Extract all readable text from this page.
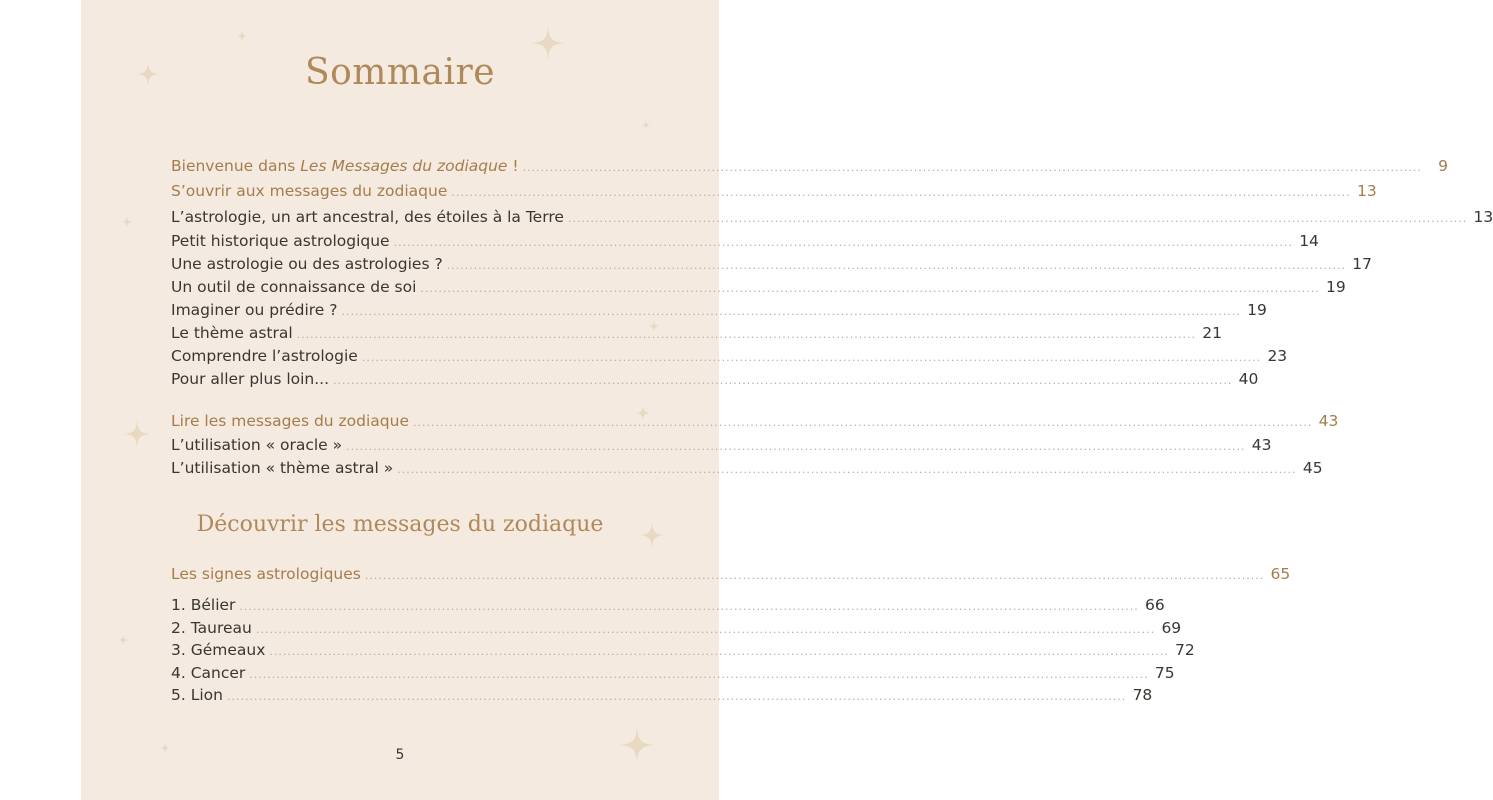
Sommaire
Bienvenue dans Les Messages du zodiaque ! ........................................................................................................................................................................................................	9
S’ouvrir aux messages du zodiaque ........................................................................................................................................................................................................ 13
L’astrologie, un art ancestral, des étoiles à la Terre ........................................................................................................................................................................................................ 13
Petit historique astrologique ........................................................................................................................................................................................................ 14
Une astrologie ou des astrologies ? ........................................................................................................................................................................................................ 17
Un outil de connaissance de soi ........................................................................................................................................................................................................ 19
Imaginer ou prédire ? ........................................................................................................................................................................................................ 19
Le thème astral ........................................................................................................................................................................................................ 21
Comprendre l’astrologie ........................................................................................................................................................................................................ 23
Pour aller plus loin... ........................................................................................................................................................................................................ 40
Lire les messages du zodiaque ........................................................................................................................................................................................................ 43
L’utilisation « oracle » ........................................................................................................................................................................................................ 43
L’utilisation « thème astral » ........................................................................................................................................................................................................ 45
Les signes astrologiques ........................................................................................................................................................................................................ 65
1. Bélier ........................................................................................................................................................................................................ 66
2. Taureau ........................................................................................................................................................................................................ 69
3. Gémeaux ........................................................................................................................................................................................................ 72
4. Cancer ........................................................................................................................................................................................................ 75
5. Lion ........................................................................................................................................................................................................ 78
Découvrir les messages du zodiaque
5
